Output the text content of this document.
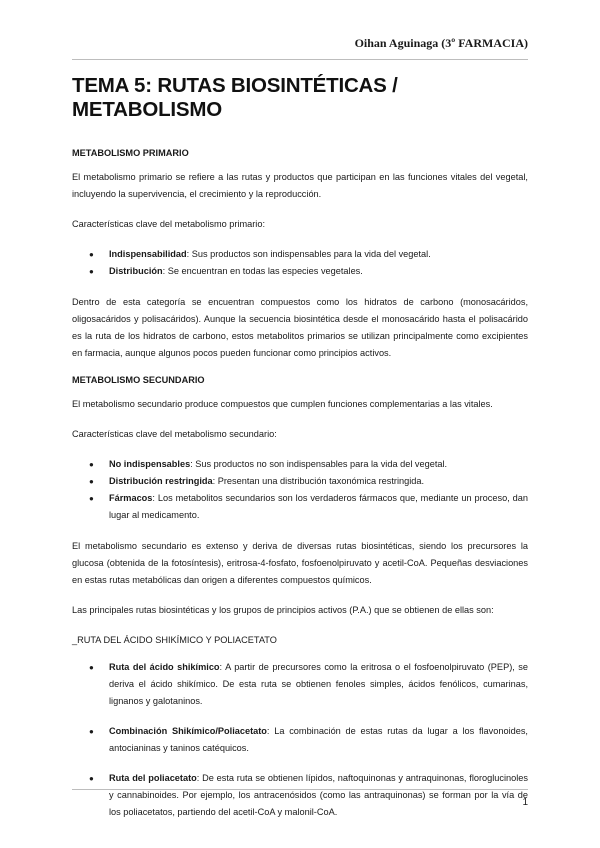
Oihan Aguinaga (3º FARMACIA)
TEMA 5: RUTAS BIOSINTÉTICAS / METABOLISMO
METABOLISMO PRIMARIO

El metabolismo primario se refiere a las rutas y productos que participan en las funciones vitales del vegetal, incluyendo la supervivencia, el crecimiento y la reproducción.

Características clave del metabolismo primario:

● Indispensabilidad: Sus productos son indispensables para la vida del vegetal.
● Distribución: Se encuentran en todas las especies vegetales.

Dentro de esta categoría se encuentran compuestos como los hidratos de carbono (monosacáridos, oligosacáridos y polisacáridos). Aunque la secuencia biosintética desde el monosacárido hasta el polisacárido es la ruta de los hidratos de carbono, estos metabolitos primarios se utilizan principalmente como excipientes en farmacia, aunque algunos pocos pueden funcionar como principios activos.

METABOLISMO SECUNDARIO

El metabolismo secundario produce compuestos que cumplen funciones complementarias a las vitales.

Características clave del metabolismo secundario:

● No indispensables: Sus productos no son indispensables para la vida del vegetal.
● Distribución restringida: Presentan una distribución taxonómica restringida.
● Fármacos: Los metabolitos secundarios son los verdaderos fármacos que, mediante un proceso, dan lugar al medicamento.

El metabolismo secundario es extenso y deriva de diversas rutas biosintéticas, siendo los precursores la glucosa (obtenida de la fotosíntesis), eritrosa-4-fosfato, fosfoenolpiruvato y acetil-CoA. Pequeñas desviaciones en estas rutas metabólicas dan origen a diferentes compuestos químicos.

Las principales rutas biosintéticas y los grupos de principios activos (P.A.) que se obtienen de ellas son:

_RUTA DEL ÁCIDO SHIKÍMICO Y POLIACETATO
● Ruta del ácido shikímico: A partir de precursores como la eritrosa o el fosfoenolpiruvato (PEP), se deriva el ácido shikímico. De esta ruta se obtienen fenoles simples, ácidos fenólicos, cumarinas, lignanos y galotaninos.
● Combinación Shikímico/Poliacetato: La combinación de estas rutas da lugar a los flavonoides, antocianinas y taninos catéquicos.
● Ruta del poliacetato: De esta ruta se obtienen lípidos, naftoquinonas y antraquinonas, floroglucinoles y cannabinoides. Por ejemplo, los antracenósidos (como las antraquinonas) se forman por la vía de los poliacetatos, partiendo del acetil-CoA y malonil-CoA.
1
